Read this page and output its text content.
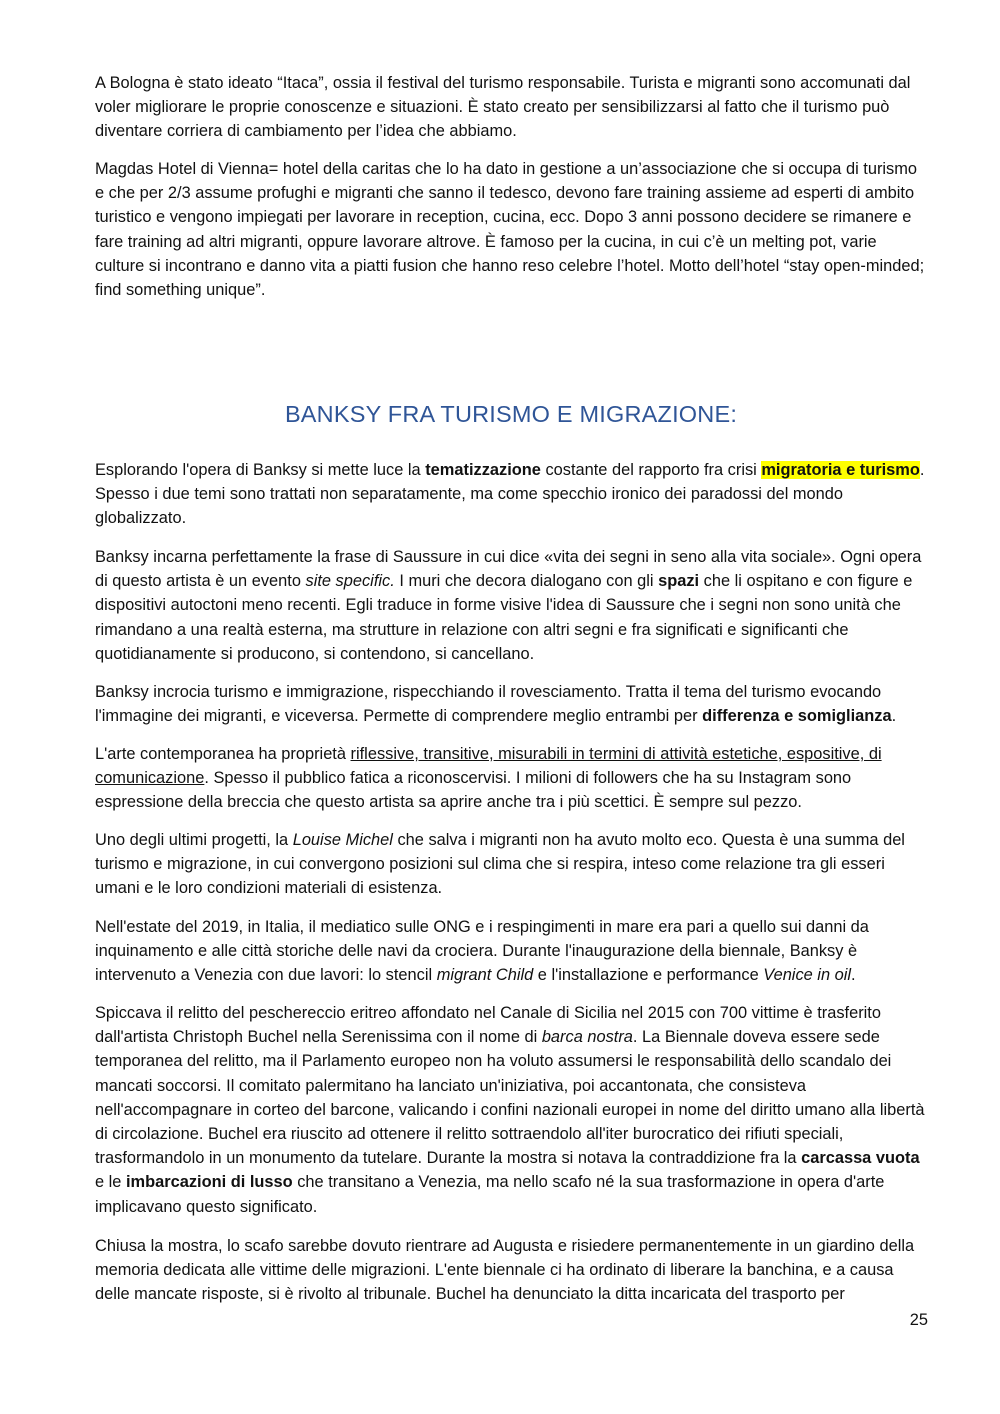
A Bologna è stato ideato “Itaca”, ossia il festival del turismo responsabile. Turista e migranti sono accomunati dal voler migliorare le proprie conoscenze e situazioni. È stato creato per sensibilizzarsi al fatto che il turismo può diventare corriera di cambiamento per l’idea che abbiamo.

Magdas Hotel di Vienna= hotel della caritas che lo ha dato in gestione a un’associazione che si occupa di turismo e che per 2/3 assume profughi e migranti che sanno il tedesco, devono fare training assieme ad esperti di ambito turistico e vengono impiegati per lavorare in reception, cucina, ecc. Dopo 3 anni possono decidere se rimanere e fare training ad altri migranti, oppure lavorare altrove. È famoso per la cucina, in cui c’è un melting pot, varie culture si incontrano e danno vita a piatti fusion che hanno reso celebre l’hotel. Motto dell’hotel “stay open-minded; find something unique”.

BANKSY FRA TURISMO E MIGRAZIONE:

Esplorando l'opera di Banksy si mette luce la tematizzazione costante del rapporto fra crisi migratoria e turismo. Spesso i due temi sono trattati non separatamente, ma come specchio ironico dei paradossi del mondo globalizzato.

Banksy incarna perfettamente la frase di Saussure in cui dice «vita dei segni in seno alla vita sociale». Ogni opera di questo artista è un evento site specific. I muri che decora dialogano con gli spazi che li ospitano e con figure e dispositivi autoctoni meno recenti. Egli traduce in forme visive l'idea di Saussure che i segni non sono unità che rimandano a una realtà esterna, ma strutture in relazione con altri segni e fra significati e significanti che quotidianamente si producono, si contendono, si cancellano.

Banksy incrocia turismo e immigrazione, rispecchiando il rovesciamento. Tratta il tema del turismo evocando l'immagine dei migranti, e viceversa. Permette di comprendere meglio entrambi per differenza e somiglianza.

L'arte contemporanea ha proprietà riflessive, transitive, misurabili in termini di attività estetiche, espositive, di comunicazione. Spesso il pubblico fatica a riconoscervisi. I milioni di followers che ha su Instagram sono espressione della breccia che questo artista sa aprire anche tra i più scettici. È sempre sul pezzo.

Uno degli ultimi progetti, la Louise Michel che salva i migranti non ha avuto molto eco. Questa è una summa del turismo e migrazione, in cui convergono posizioni sul clima che si respira, inteso come relazione tra gli esseri umani e le loro condizioni materiali di esistenza.

Nell'estate del 2019, in Italia, il mediatico sulle ONG e i respingimenti in mare era pari a quello sui danni da inquinamento e alle città storiche delle navi da crociera. Durante l'inaugurazione della biennale, Banksy è intervenuto a Venezia con due lavori: lo stencil migrant Child e l'installazione e performance Venice in oil.

Spiccava il relitto del peschereccio eritreo affondato nel Canale di Sicilia nel 2015 con 700 vittime è trasferito dall'artista Christoph Buchel nella Serenissima con il nome di barca nostra. La Biennale doveva essere sede temporanea del relitto, ma il Parlamento europeo non ha voluto assumersi le responsabilità dello scandalo dei mancati soccorsi. Il comitato palermitano ha lanciato un'iniziativa, poi accantonata, che consisteva nell'accompagnare in corteo del barcone, valicando i confini nazionali europei in nome del diritto umano alla libertà di circolazione. Buchel era riuscito ad ottenere il relitto sottraendolo all'iter burocratico dei rifiuti speciali, trasformandolo in un monumento da tutelare. Durante la mostra si notava la contraddizione fra la carcassa vuota e le imbarcazioni di lusso che transitano a Venezia, ma nello scafo né la sua trasformazione in opera d'arte implicavano questo significato.

Chiusa la mostra, lo scafo sarebbe dovuto rientrare ad Augusta e risiedere permanentemente in un giardino della memoria dedicata alle vittime delle migrazioni. L'ente biennale ci ha ordinato di liberare la banchina, e a causa delle mancate risposte, si è rivolto al tribunale. Buchel ha denunciato la ditta incaricata del trasporto per

25
